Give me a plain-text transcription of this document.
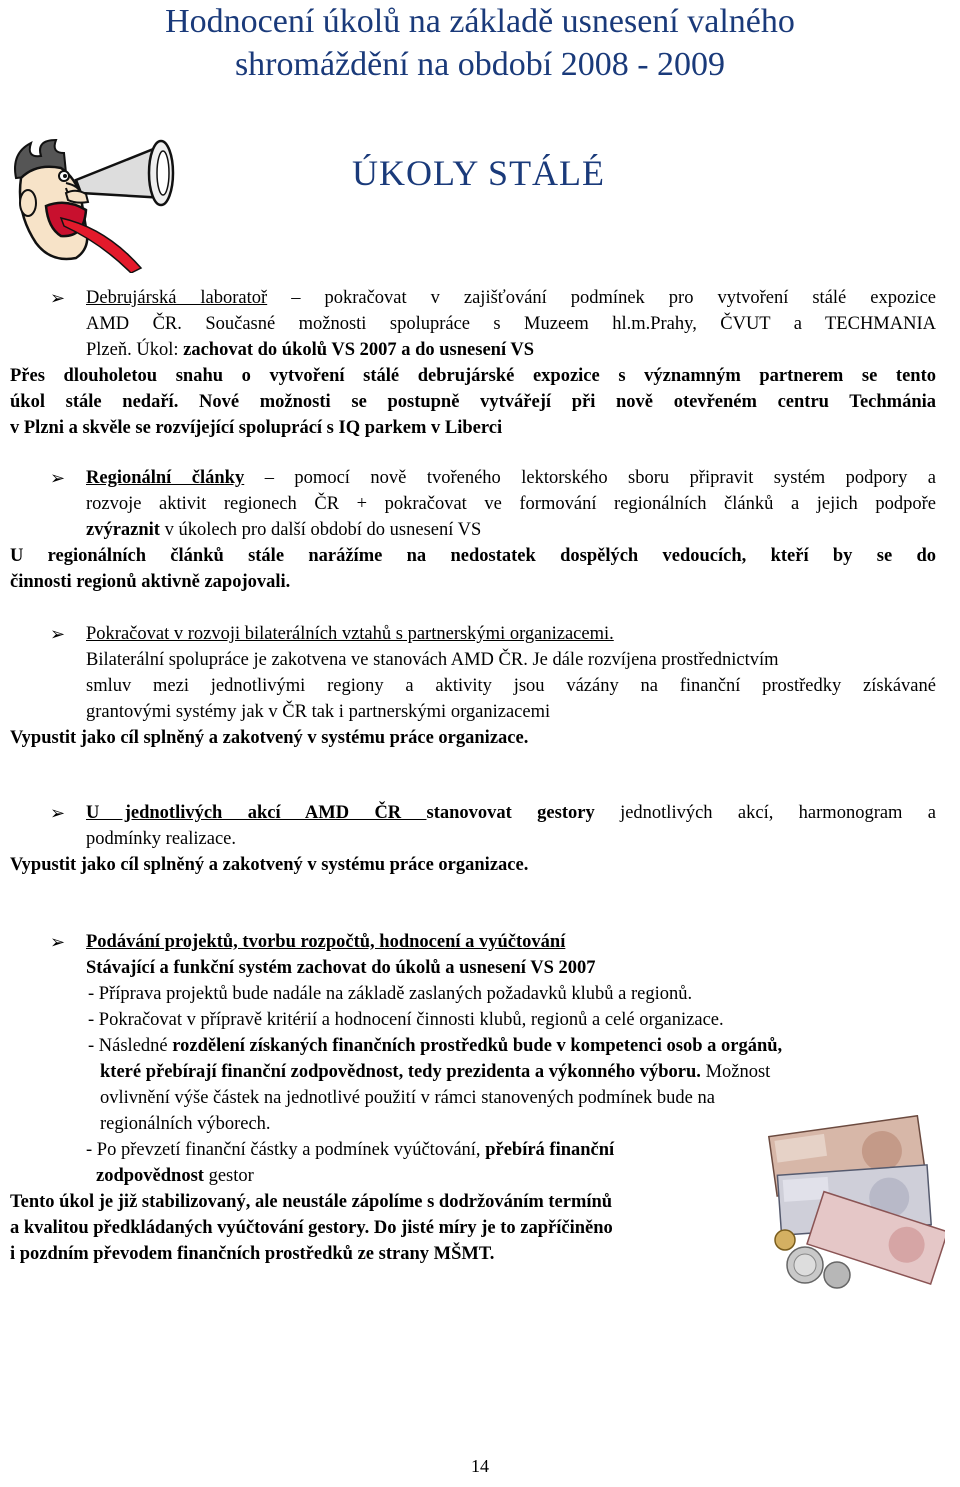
Hodnocení úkolů na základě usnesení valného
shromáždění na období 2008 - 2009
ÚKOLY STÁLÉ
➢ Debrujárská laboratoř – pokračovat v zajišťování podmínek pro vytvoření stálé expozice
AMD ČR. Současné možnosti spolupráce s Muzeem hl.m.Prahy, ČVUT a TECHMANIA
Plzeň. Úkol: zachovat do úkolů VS 2007 a do usnesení VS
Přes dlouholetou snahu o vytvoření stálé debrujárské expozice s významným partnerem se tento
úkol stále nedaří. Nové možnosti se postupně vytvářejí při nově otevřeném centru Techmánia
v Plzni a skvěle se rozvíjející spoluprácí s IQ parkem v Liberci
➢ Regionální články – pomocí nově tvořeného lektorského sboru připravit systém podpory a
rozvoje aktivit regionech ČR + pokračovat ve formování regionálních článků a jejich podpoře
zvýraznit v úkolech pro další období do usnesení VS
U regionálních článků stále narážíme na nedostatek dospělých vedoucích, kteří by se do
činnosti regionů aktivně zapojovali.
➢ Pokračovat v rozvoji bilaterálních vztahů s partnerskými organizacemi.
Bilaterální spolupráce je zakotvena ve stanovách AMD ČR. Je dále rozvíjena prostřednictvím
smluv mezi jednotlivými regiony a aktivity jsou vázány na finanční prostředky získávané
grantovými systémy jak v ČR tak i partnerskými organizacemi
Vypustit jako cíl splněný a zakotvený v systému práce organizace.
➢ U jednotlivých akcí AMD ČR stanovovat gestory jednotlivých akcí, harmonogram a
podmínky realizace.
Vypustit jako cíl splněný a zakotvený v systému práce organizace.
➢ Podávání projektů, tvorbu rozpočtů, hodnocení a vyúčtování
Stávající a funkční systém zachovat do úkolů a usnesení VS 2007
- Příprava projektů bude nadále na základě zaslaných požadavků klubů a regionů.
- Pokračovat v přípravě kritérií a hodnocení činnosti klubů, regionů a celé organizace.
- Následné rozdělení získaných finančních prostředků bude v kompetenci osob a orgánů,
které přebírají finanční zodpovědnost, tedy prezidenta a výkonného výboru. Možnost
ovlivnění výše částek na jednotlivé použití v rámci stanovených podmínek bude na
regionálních výborech.
- Po převzetí finanční částky a podmínek vyúčtování, přebírá finanční
zodpovědnost gestor
Tento úkol je již stabilizovaný, ale neustále zápolíme s dodržováním termínů
a kvalitou předkládaných vyúčtování gestory. Do jisté míry je to zapříčiněno
i pozdním převodem finančních prostředků ze strany MŠMT.
14
